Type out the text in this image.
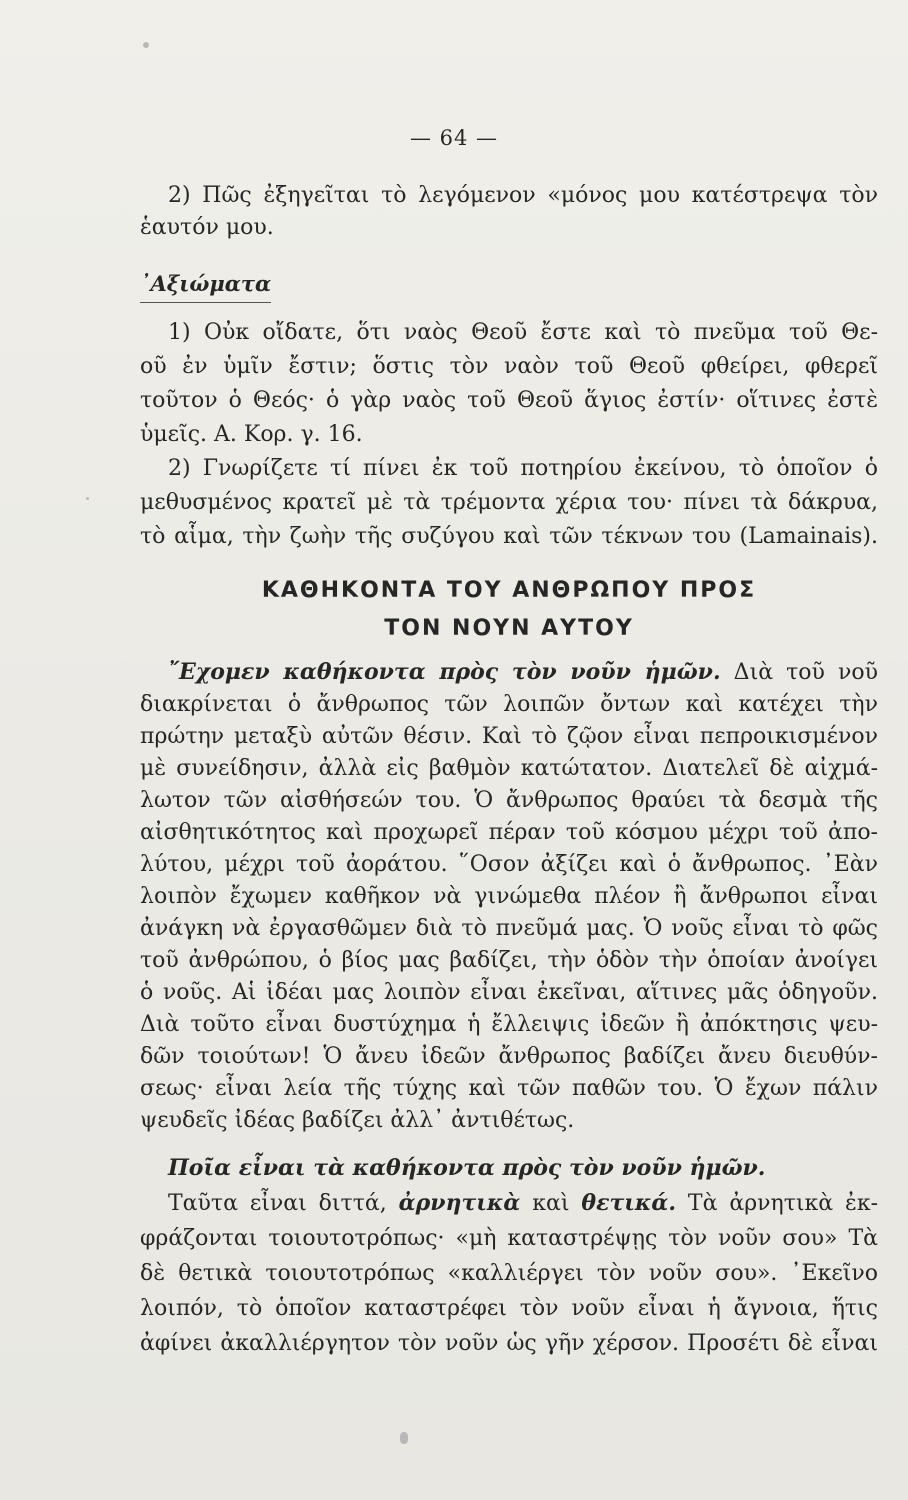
— 64 —
2) Πῶς ἐξηγεῖται τὸ λεγόμενον «μόνος μου κατέστρεψα τὸν
ἑαυτόν μου.
᾿Αξιώματα
1) Οὐκ οἴδατε, ὅτι ναὸς Θεοῦ ἔστε καὶ τὸ πνεῦμα τοῦ Θε-
οῦ ἐν ὑμῖν ἔστιν; ὅστις τὸν ναὸν τοῦ Θεοῦ φθείρει, φθερεῖ
τοῦτον ὁ Θεός· ὁ γὰρ ναὸς τοῦ Θεοῦ ἅγιος ἐστίν· οἵτινες ἐστὲ
ὑμεῖς. Α. Κορ. γ. 16.
2) Γνωρίζετε τί πίνει ἐκ τοῦ ποτηρίου ἐκείνου, τὸ ὁποῖον ὁ
μεθυσμένος κρατεῖ μὲ τὰ τρέμοντα χέρια του· πίνει τὰ δάκρυα,
τὸ αἷμα, τὴν ζωὴν τῆς συζύγου καὶ τῶν τέκνων του (Lamainais).
ΚΑΘΗΚΟΝΤΑ ΤΟΥ ΑΝΘΡΩΠΟΥ ΠΡΟΣ
ΤΟΝ ΝΟΥΝ ΑΥΤΟΥ
῎Εχομεν καθήκοντα πρὸς τὸν νοῦν ἡμῶν. Διὰ τοῦ νοῦ
διακρίνεται ὁ ἄνθρωπος τῶν λοιπῶν ὄντων καὶ κατέχει τὴν
πρώτην μεταξὺ αὐτῶν θέσιν. Καὶ τὸ ζῷον εἶναι πεπροικισμένον
μὲ συνείδησιν, ἀλλὰ εἰς βαθμὸν κατώτατον. Διατελεῖ δὲ αἰχμά-
λωτον τῶν αἰσθήσεών του. Ὁ ἄνθρωπος θραύει τὰ δεσμὰ τῆς
αἰσθητικότητος καὶ προχωρεῖ πέραν τοῦ κόσμου μέχρι τοῦ ἀπο-
λύτου, μέχρι τοῦ ἀοράτου. ῞Οσον ἀξίζει καὶ ὁ ἄνθρωπος. ᾿Εὰν
λοιπὸν ἔχωμεν καθῆκον νὰ γινώμεθα πλέον ἢ ἄνθρωποι εἶναι
ἀνάγκη νὰ ἐργασθῶμεν διὰ τὸ πνεῦμά μας. Ὁ νοῦς εἶναι τὸ φῶς
τοῦ ἀνθρώπου, ὁ βίος μας βαδίζει, τὴν ὁδὸν τὴν ὁποίαν ἀνοίγει
ὁ νοῦς. Αἱ ἰδέαι μας λοιπὸν εἶναι ἐκεῖναι, αἵτινες μᾶς ὁδηγοῦν.
Διὰ τοῦτο εἶναι δυστύχημα ἡ ἔλλειψις ἰδεῶν ἢ ἀπόκτησις ψευ-
δῶν τοιούτων! Ὁ ἄνευ ἰδεῶν ἄνθρωπος βαδίζει ἄνευ διευθύν-
σεως· εἶναι λεία τῆς τύχης καὶ τῶν παθῶν του. Ὁ ἔχων πάλιν
ψευδεῖς ἰδέας βαδίζει ἀλλ᾿ ἀντιθέτως.
Ποῖα εἶναι τὰ καθήκοντα πρὸς τὸν νοῦν ἡμῶν.
Ταῦτα εἶναι διττά, ἀρνητικὰ καὶ θετικά. Τὰ ἀρνητικὰ ἐκ-
φράζονται τοιουτοτρόπως· «μὴ καταστρέψῃς τὸν νοῦν σου» Τὰ
δὲ θετικὰ τοιουτοτρόπως «καλλιέργει τὸν νοῦν σου». ᾿Εκεῖνο
λοιπόν, τὸ ὁποῖον καταστρέφει τὸν νοῦν εἶναι ἡ ἄγνοια, ἥτις
ἀφίνει ἀκαλλιέργητον τὸν νοῦν ὡς γῆν χέρσον. Προσέτι δὲ εἶναι
